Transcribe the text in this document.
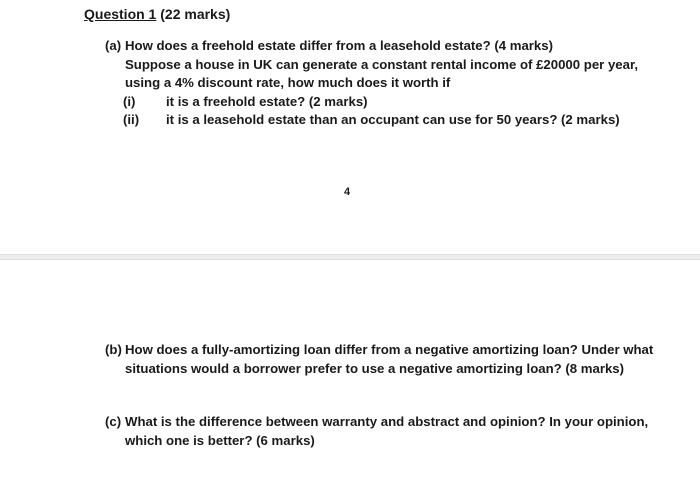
Question 1 (22 marks)
(a) How does a freehold estate differ from a leasehold estate? (4 marks)
Suppose a house in UK can generate a constant rental income of £20000 per year,
using a 4% discount rate, how much does it worth if
(i) it is a freehold estate? (2 marks)
(ii) it is a leasehold estate than an occupant can use for 50 years? (2 marks)
4
(b) How does a fully-amortizing loan differ from a negative amortizing loan? Under what
situations would a borrower prefer to use a negative amortizing loan? (8 marks)
(c) What is the difference between warranty and abstract and opinion? In your opinion,
which one is better? (6 marks)
